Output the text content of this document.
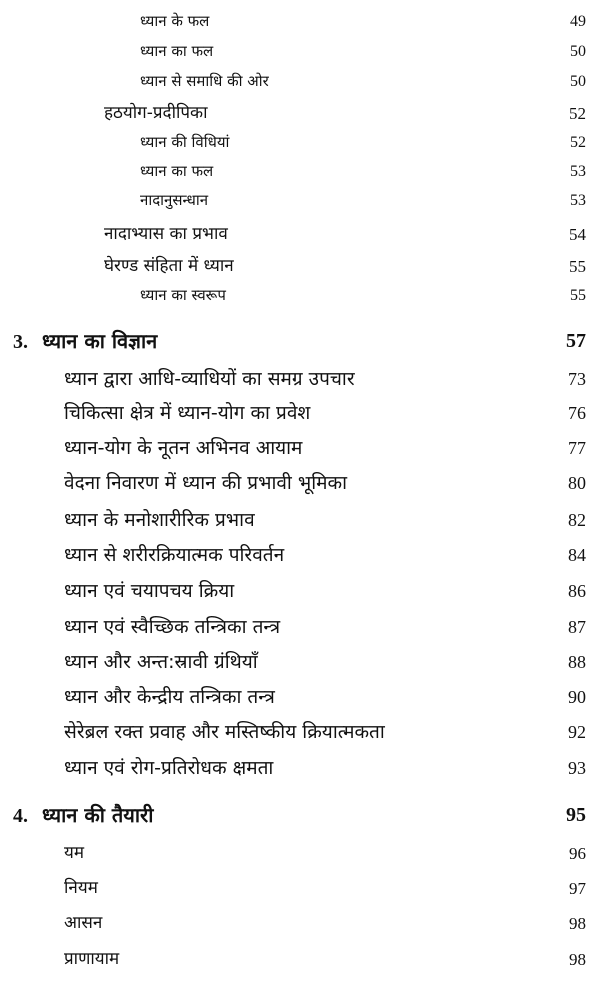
ध्यान के फल	49
ध्यान का फल	50
ध्यान से समाधि की ओर	50
हठयोग-प्रदीपिका	52
ध्यान की विधियां	52
ध्यान का फल	53
नादानुसन्धान	53
नादाभ्यास का प्रभाव	54
घेरण्ड संहिता में ध्यान	55
ध्यान का स्वरूप	55
3. ध्यान का विज्ञान	57
ध्यान द्वारा आधि-व्याधियों का समग्र उपचार	73
चिकित्सा क्षेत्र में ध्यान-योग का प्रवेश	76
ध्यान-योग के नूतन अभिनव आयाम	77
वेदना निवारण में ध्यान की प्रभावी भूमिका	80
ध्यान के मनोशारीरिक प्रभाव	82
ध्यान से शरीरक्रियात्मक परिवर्तन	84
ध्यान एवं चयापचय क्रिया	86
ध्यान एवं स्वैच्छिक तन्त्रिका तन्त्र	87
ध्यान और अन्त:स्रावी ग्रंथियाँ	88
ध्यान और केन्द्रीय तन्त्रिका तन्त्र	90
सेरेब्रल रक्त प्रवाह और मस्तिष्कीय क्रियात्मकता	92
ध्यान एवं रोग-प्रतिरोधक क्षमता	93
4. ध्यान की तैयारी	95
यम	96
नियम	97
आसन	98
प्राणायाम	98
